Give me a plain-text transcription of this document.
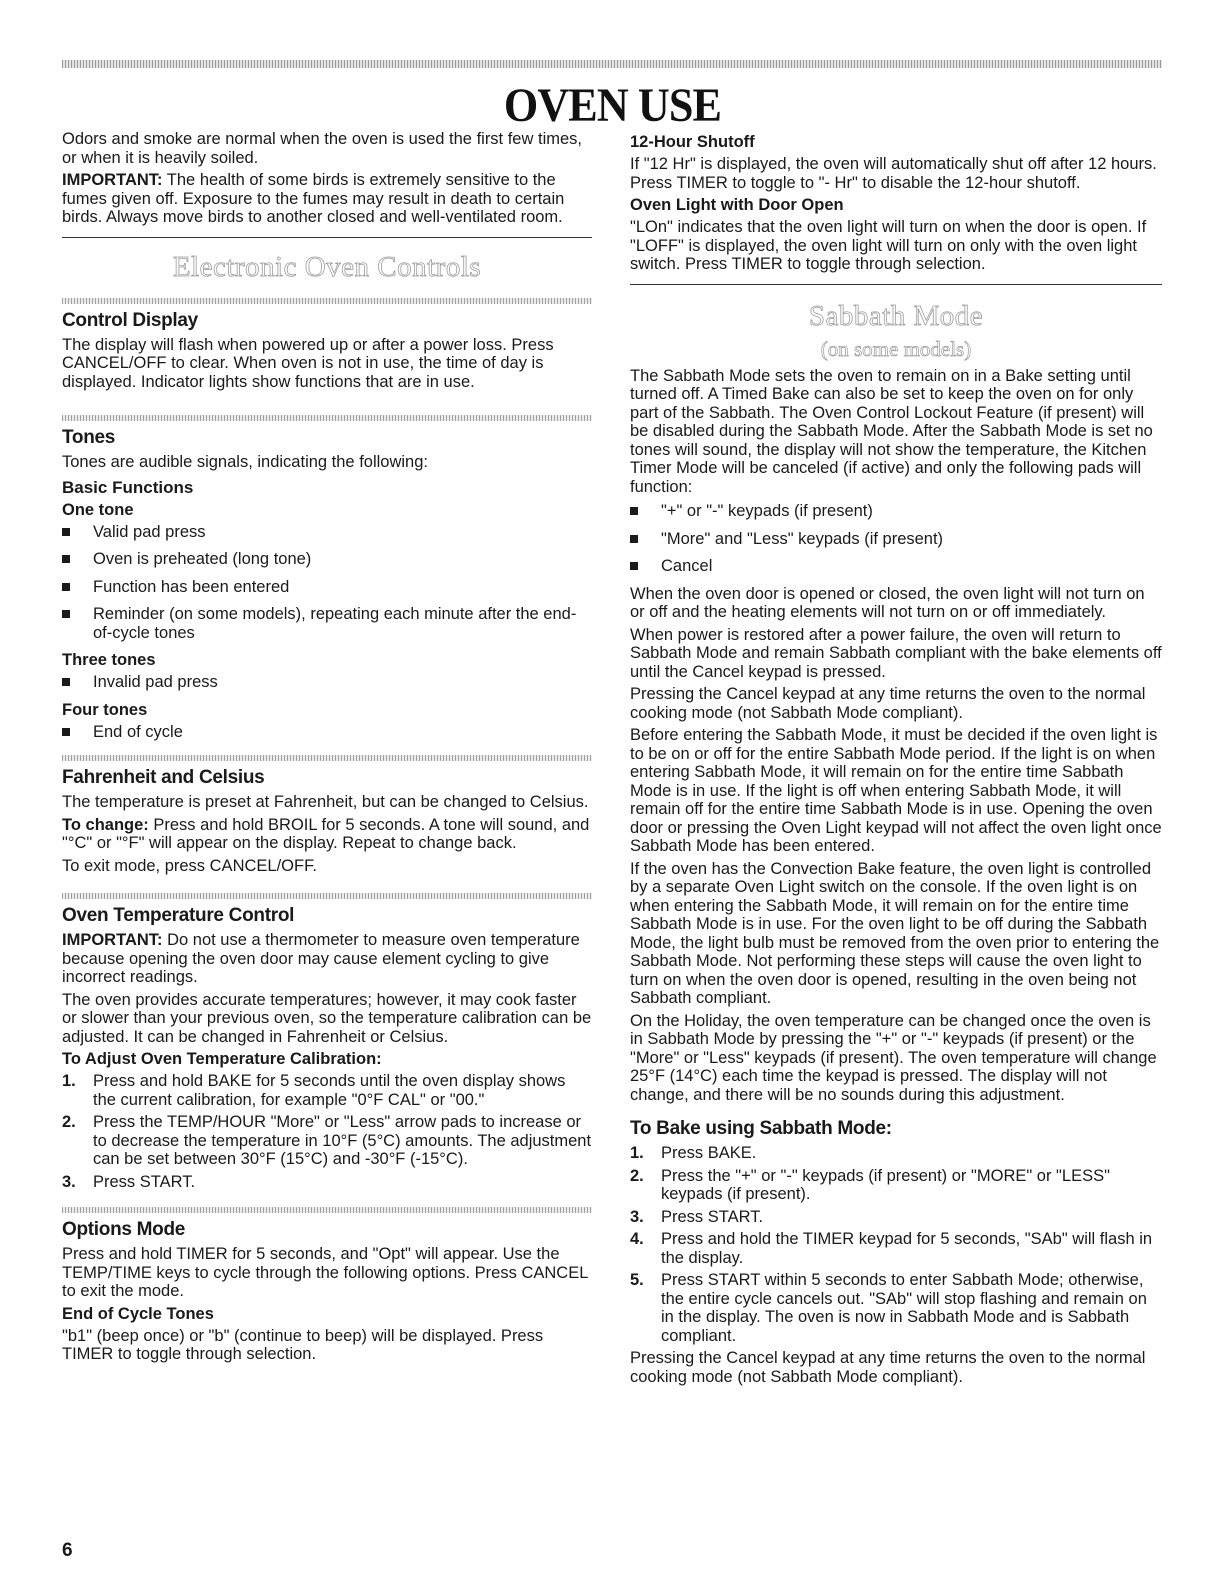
OVEN USE

Odors and smoke are normal when the oven is used the first few times, or when it is heavily soiled.

IMPORTANT: The health of some birds is extremely sensitive to the fumes given off. Exposure to the fumes may result in death to certain birds. Always move birds to another closed and well-ventilated room.

Electronic Oven Controls
Control Display

The display will flash when powered up or after a power loss. Press CANCEL/OFF to clear. When oven is not in use, the time of day is displayed. Indicator lights show functions that are in use.

Tones

Tones are audible signals, indicating the following:

Basic Functions
One tone
Valid pad press
Oven is preheated (long tone)
Function has been entered
Reminder (on some models), repeating each minute after the end-of-cycle tones
Three tones
Invalid pad press
Four tones
End of cycle
Fahrenheit and Celsius

The temperature is preset at Fahrenheit, but can be changed to Celsius.

To change: Press and hold BROIL for 5 seconds. A tone will sound, and "°C" or "°F" will appear on the display. Repeat to change back.

To exit mode, press CANCEL/OFF.

Oven Temperature Control

IMPORTANT: Do not use a thermometer to measure oven temperature because opening the oven door may cause element cycling to give incorrect readings.

The oven provides accurate temperatures; however, it may cook faster or slower than your previous oven, so the temperature calibration can be adjusted. It can be changed in Fahrenheit or Celsius.

To Adjust Oven Temperature Calibration:
1. Press and hold BAKE for 5 seconds until the oven display shows the current calibration, for example "0°F CAL" or "00."
2. Press the TEMP/HOUR "More" or "Less" arrow pads to increase or to decrease the temperature in 10°F (5°C) amounts. The adjustment can be set between 30°F (15°C) and -30°F (-15°C).
3. Press START.
Options Mode

Press and hold TIMER for 5 seconds, and "Opt" will appear. Use the TEMP/TIME keys to cycle through the following options. Press CANCEL to exit the mode.

End of Cycle Tones

"b1" (beep once) or "b" (continue to beep) will be displayed. Press TIMER to toggle through selection.

12-Hour Shutoff

If "12 Hr" is displayed, the oven will automatically shut off after 12 hours. Press TIMER to toggle to "- Hr" to disable the 12-hour shutoff.

Oven Light with Door Open

"LOn" indicates that the oven light will turn on when the door is open. If "LOFF" is displayed, the oven light will turn on only with the oven light switch. Press TIMER to toggle through selection.

Sabbath Mode
(on some models)

The Sabbath Mode sets the oven to remain on in a Bake setting until turned off. A Timed Bake can also be set to keep the oven on for only part of the Sabbath. The Oven Control Lockout Feature (if present) will be disabled during the Sabbath Mode. After the Sabbath Mode is set no tones will sound, the display will not show the temperature, the Kitchen Timer Mode will be canceled (if active) and only the following pads will function:

"+" or "-" keypads (if present)
"More" and "Less" keypads (if present)
Cancel

When the oven door is opened or closed, the oven light will not turn on or off and the heating elements will not turn on or off immediately.

When power is restored after a power failure, the oven will return to Sabbath Mode and remain Sabbath compliant with the bake elements off until the Cancel keypad is pressed.

Pressing the Cancel keypad at any time returns the oven to the normal cooking mode (not Sabbath Mode compliant).

Before entering the Sabbath Mode, it must be decided if the oven light is to be on or off for the entire Sabbath Mode period. If the light is on when entering Sabbath Mode, it will remain on for the entire time Sabbath Mode is in use. If the light is off when entering Sabbath Mode, it will remain off for the entire time Sabbath Mode is in use. Opening the oven door or pressing the Oven Light keypad will not affect the oven light once Sabbath Mode has been entered.

If the oven has the Convection Bake feature, the oven light is controlled by a separate Oven Light switch on the console. If the oven light is on when entering the Sabbath Mode, it will remain on for the entire time Sabbath Mode is in use. For the oven light to be off during the Sabbath Mode, the light bulb must be removed from the oven prior to entering the Sabbath Mode. Not performing these steps will cause the oven light to turn on when the oven door is opened, resulting in the oven being not Sabbath compliant.

On the Holiday, the oven temperature can be changed once the oven is in Sabbath Mode by pressing the "+" or "-" keypads (if present) or the "More" or "Less" keypads (if present). The oven temperature will change 25°F (14°C) each time the keypad is pressed. The display will not change, and there will be no sounds during this adjustment.

To Bake using Sabbath Mode:
1. Press BAKE.
2. Press the "+" or "-" keypads (if present) or "MORE" or "LESS" keypads (if present).
3. Press START.
4. Press and hold the TIMER keypad for 5 seconds, "SAb" will flash in the display.
5. Press START within 5 seconds to enter Sabbath Mode; otherwise, the entire cycle cancels out. "SAb" will stop flashing and remain on in the display. The oven is now in Sabbath Mode and is Sabbath compliant.

Pressing the Cancel keypad at any time returns the oven to the normal cooking mode (not Sabbath Mode compliant).

6
